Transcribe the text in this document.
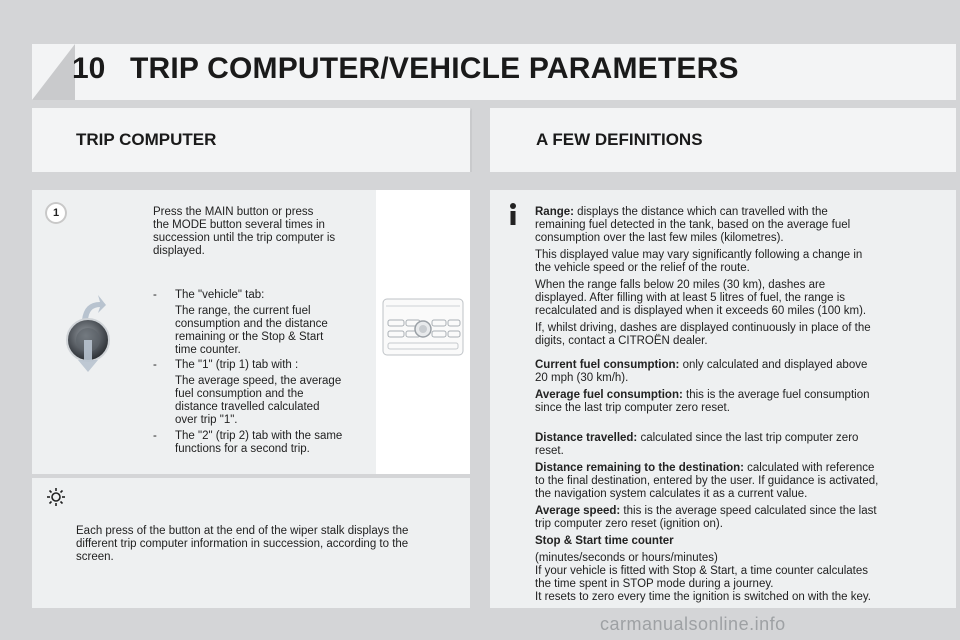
10 TRIP COMPUTER/VEHICLE PARAMETERS
TRIP COMPUTER	A FEW DEFINITIONS
1	Press the MAIN button or press

the MODE button several times in

succession until the trip computer is

displayed.

- The "vehicle" tab:

The range, the current fuel

consumption and the distance

remaining or the Stop & Start

time counter.

- The "1" (trip 1) tab with :

The average speed, the average

fuel consumption and the

distance travelled calculated

over trip "1".

- The "2" (trip 2) tab with the same

functions for a second trip.

Each press of the button at the end of the wiper stalk displays the

different trip computer information in succession, according to the

screen.

Range: displays the distance which can travelled with the

remaining fuel detected in the tank, based on the average fuel

consumption over the last few miles (kilometres).

This displayed value may vary significantly following a change in

the vehicle speed or the relief of the route.

When the range falls below 20 miles (30 km), dashes are

displayed. After filling with at least 5 litres of fuel, the range is

recalculated and is displayed when it exceeds 60 miles (100 km).

If, whilst driving, dashes are displayed continuously in place of the

digits, contact a CITROËN dealer.

Current fuel consumption: only calculated and displayed above

20 mph (30 km/h).

Average fuel consumption: this is the average fuel consumption

since the last trip computer zero reset.

Distance travelled: calculated since the last trip computer zero

reset.

Distance remaining to the destination: calculated with reference

to the final destination, entered by the user. If guidance is activated,

the navigation system calculates it as a current value.

Average speed: this is the average speed calculated since the last

trip computer zero reset (ignition on).

Stop & Start time counter

(minutes/seconds or hours/minutes)

If your vehicle is fitted with Stop & Start, a time counter calculates

the time spent in STOP mode during a journey.

It resets to zero every time the ignition is switched on with the key.

carmanualsonline.info
